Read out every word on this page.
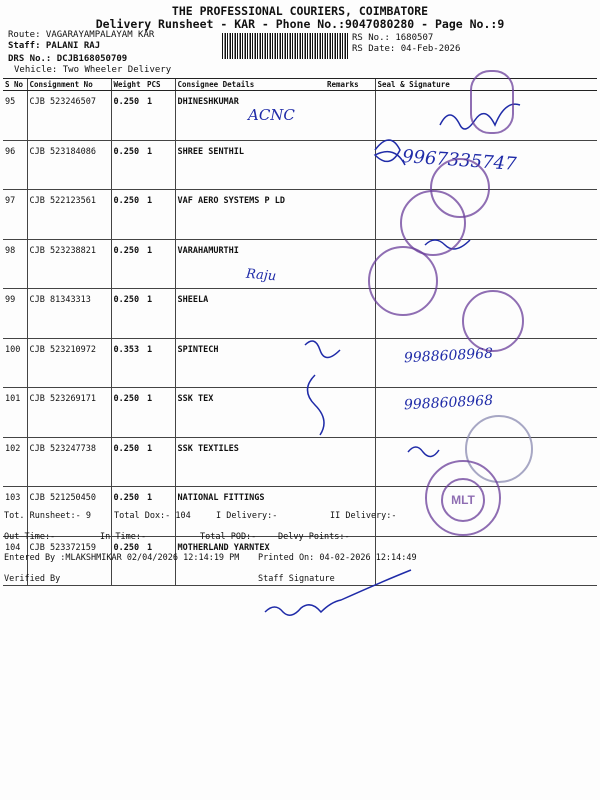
THE PROFESSIONAL COURIERS, COIMBATORE
Delivery Runsheet - KAR - Phone No.:9047080280 - Page No.:9
Route: VAGARAYAMPALAYAM KAR
Staff: PALANI RAJ
DRS No.: DCJB168050709
Vehicle: Two Wheeler Delivery
RS No.: 1680507
RS Date: 04-Feb-2026
S No	Consignment No	Weight	PCS	Consignee Details	Remarks	Seal & Signature
95	CJB 523246507	0.250	1	DHINESHKUMAR		
96	CJB 523184086	0.250	1	SHREE SENTHIL		
97	CJB 522123561	0.250	1	VAF AERO SYSTEMS P LD		
98	CJB 523238821	0.250	1	VARAHAMURTHI		
99	CJB 81343313	0.250	1	SHEELA		
100	CJB 523210972	0.353	1	SPINTECH		
101	CJB 523269171	0.250	1	SSK TEX		
102	CJB 523247738	0.250	1	SSK TEXTILES		
103	CJB 521250450	0.250	1	NATIONAL FITTINGS		
104	CJB 523372159	0.250	1	MOTHERLAND YARNTEX		
ACNC
9967335747
Raju
9988608968
9988608968
MLT
Tot. Runsheet:- 9	Total Dox:- 104	I Delivery:-	II Delivery:-
Out Time:-	In Time:-	Total POD:-	Delvy Points:-
Entered By :MLAKSHMIKAR 02/04/2026 12:14:19 PM Printed On: 04-02-2026 12:14:49
Verified By	Staff Signature
